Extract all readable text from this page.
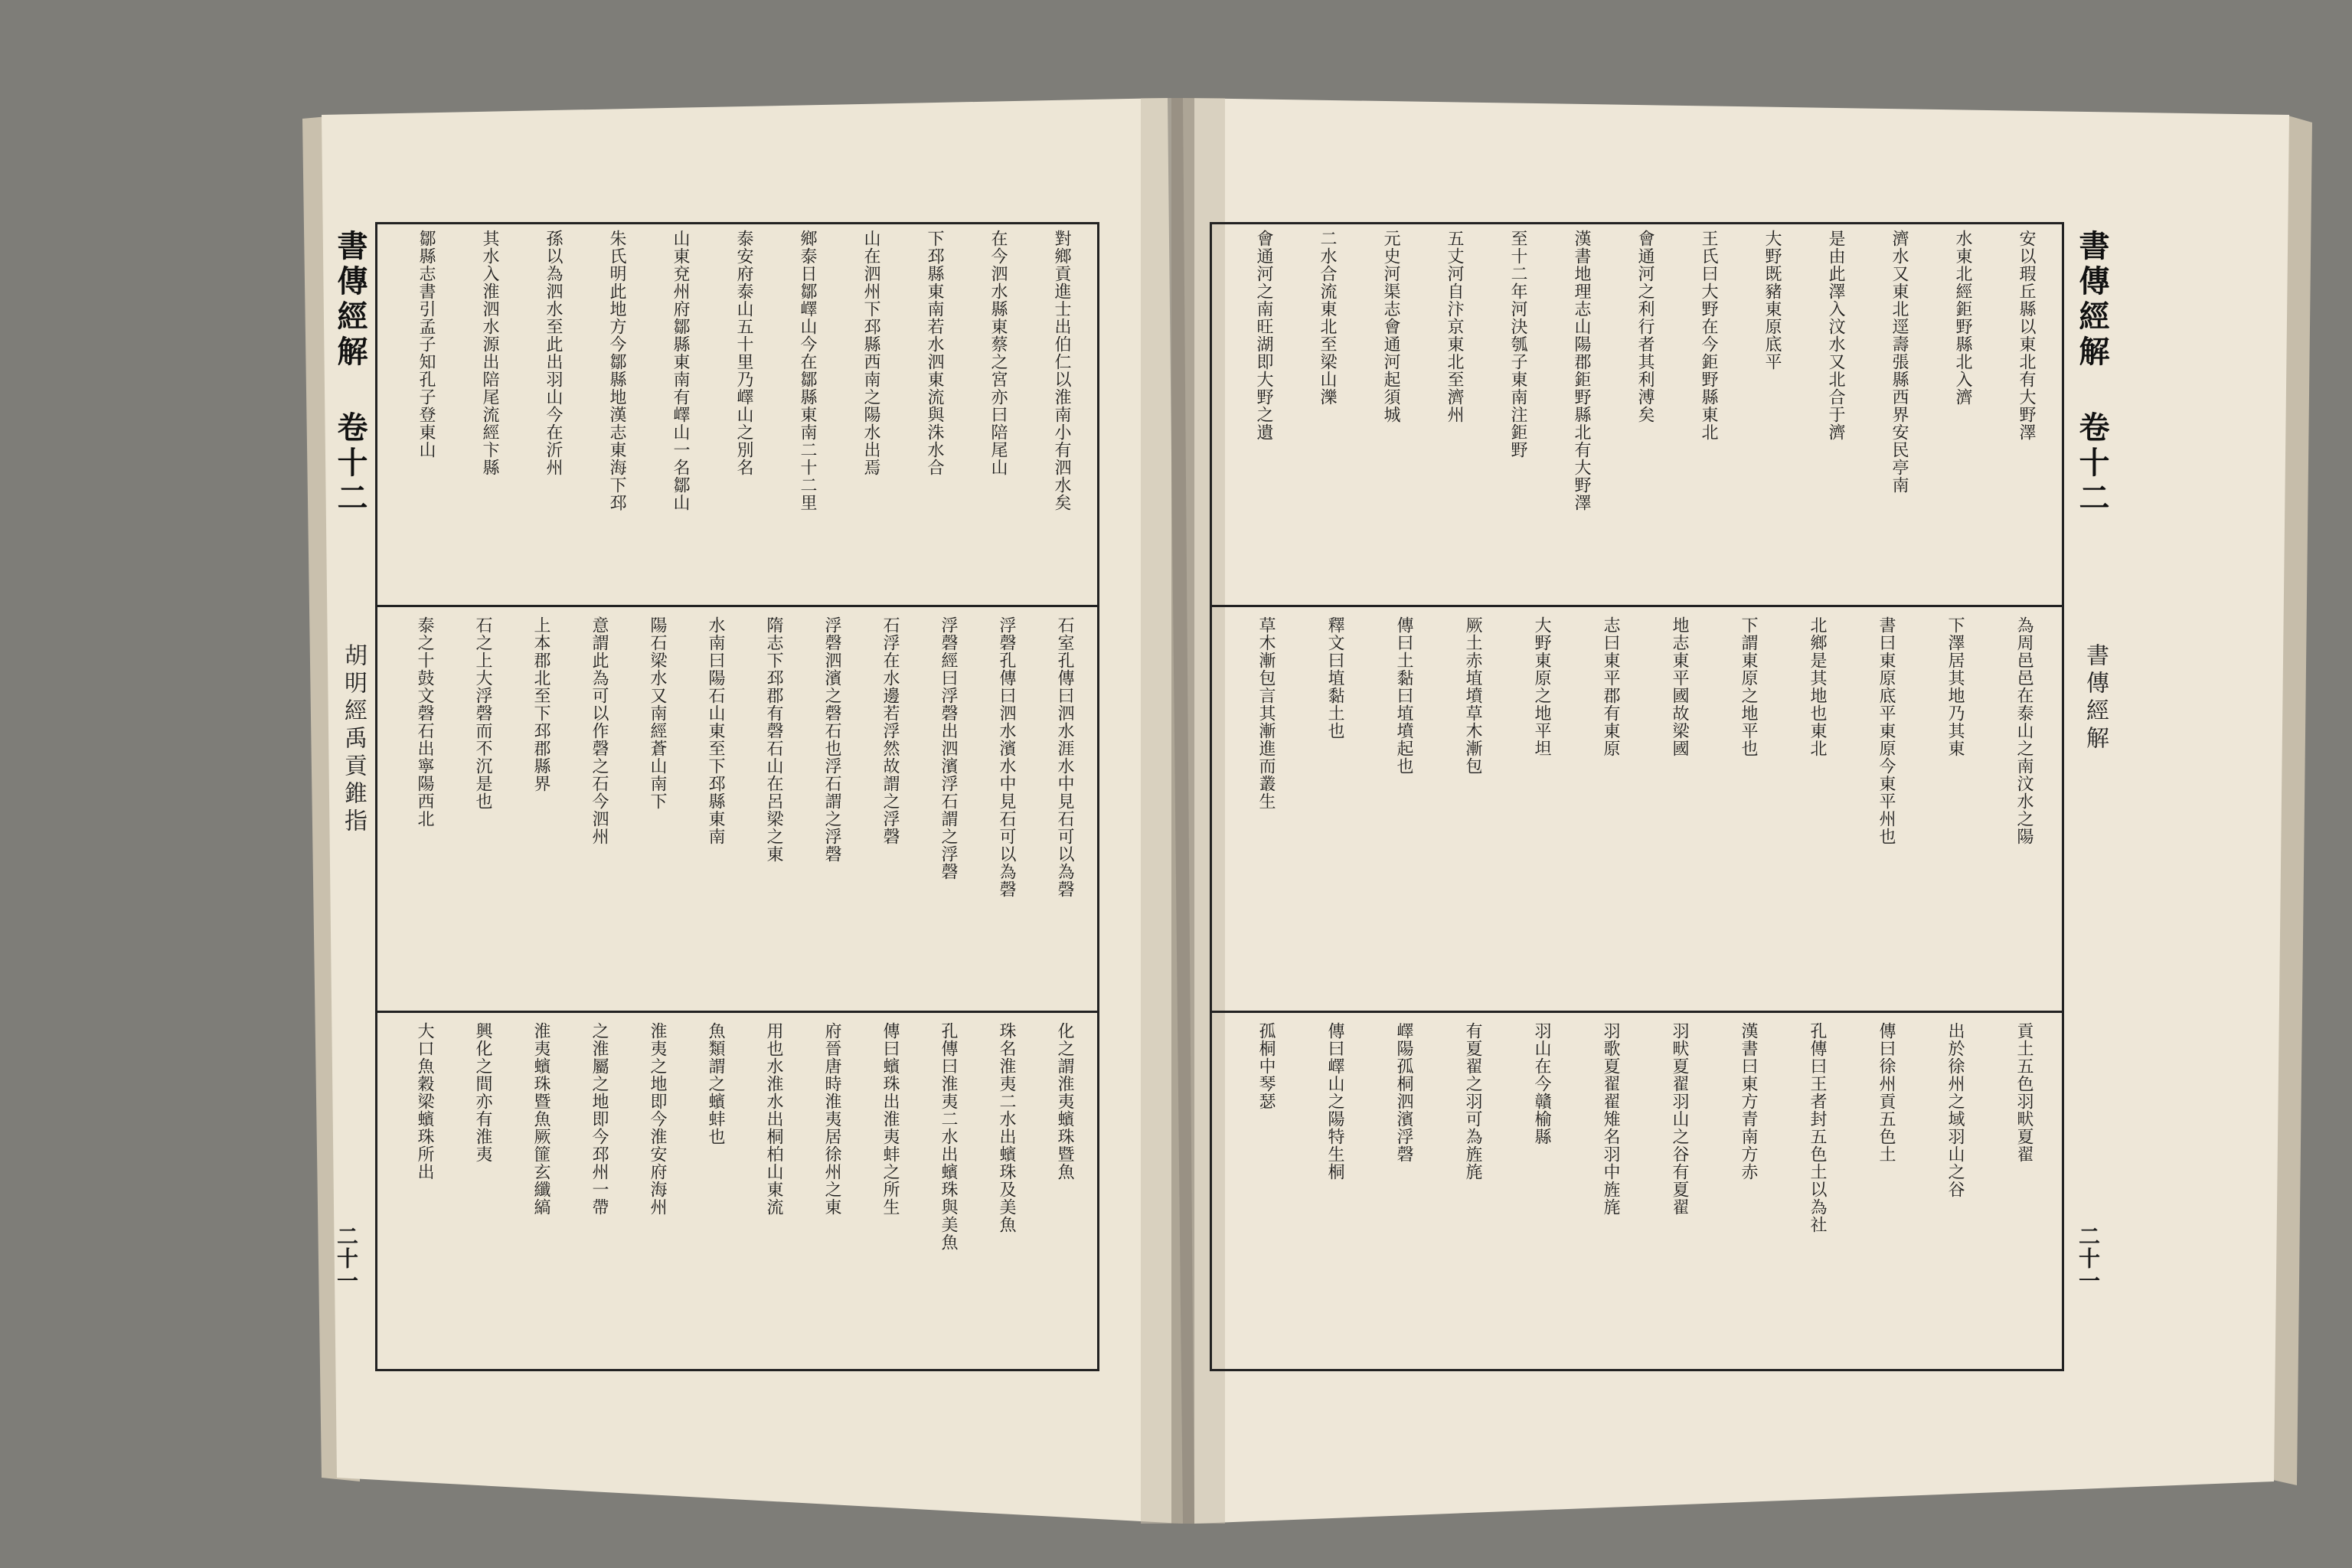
書傳經解 卷十二
胡明經禹貢錐指
二十一
對鄉貢進士出伯仁以淮南小有泗水矣
在今泗水縣東蔡之宮亦曰陪尾山
下邳縣東南若水泗東流與洙水合
山在泗州下邳縣西南之陽水出焉
鄉泰日鄒嶧山今在鄒縣東南二十二里
泰安府泰山五十里乃嶧山之別名
山東兗州府鄒縣東南有嶧山一名鄒山
朱氏明此地方今鄒縣地漢志東海下邳
孫以為泗水至此出羽山今在沂州
其水入淮泗水源出陪尾流經卞縣
鄒縣志書引孟子知孔子登東山
石室孔傳曰泗水涯水中見石可以為磬
浮磬孔傳曰泗水濱水中見石可以為磬
浮磬經曰浮磬出泗濱浮石謂之浮磬
石浮在水邊若浮然故謂之浮磬
浮磬泗濱之磬石也浮石謂之浮磬
隋志下邳郡有磬石山在呂梁之東
水南曰陽石山東至下邳縣東南
陽石梁水又南經蒼山南下
意謂此為可以作磬之石今泗州
上本郡北至下邳郡縣界
石之上大浮磬而不沉是也
泰之十鼓文磬石出寧陽西北
化之謂淮夷蠙珠暨魚
珠名淮夷二水出蠙珠及美魚
孔傳曰淮夷二水出蠙珠與美魚
傳曰蠙珠出淮夷蚌之所生
府晉唐時淮夷居徐州之東
用也水淮水出桐柏山東流
魚類謂之蠙蚌也
淮夷之地即今淮安府海州
之淮屬之地即今邳州一帶
淮夷蠙珠暨魚厥篚玄纖縞
興化之間亦有淮夷
大口魚穀梁蠙珠所出
書傳經解 卷十二
書傳經解
二十一
安以瑕丘縣以東北有大野澤
水東北經鉅野縣北入濟
濟水又東北逕壽張縣西界安民亭南
是由此澤入汶水又北合于濟
大野既豬東原底平
王氏曰大野在今鉅野縣東北
會通河之利行者其利溥矣
漢書地理志山陽郡鉅野縣北有大野澤
至十二年河決瓠子東南注鉅野
五丈河自汴京東北至濟州
元史河渠志會通河起須城
二水合流東北至梁山濼
會通河之南旺湖即大野之遺
為周邑邑在泰山之南汶水之陽
下澤居其地乃其東
書曰東原底平東原今東平州也
北鄉是其地也東北
下謂東原之地平也
地志東平國故梁國
志曰東平郡有東原
大野東原之地平坦
厥土赤埴墳草木漸包
傳曰土黏曰埴墳起也
釋文曰埴黏土也
草木漸包言其漸進而叢生
貢土五色羽畎夏翟
出於徐州之域羽山之谷
傳曰徐州貢五色土
孔傳曰王者封五色土以為社
漢書曰東方青南方赤
羽畎夏翟羽山之谷有夏翟
羽歌夏翟翟雉名羽中旌旄
羽山在今贛榆縣
有夏翟之羽可為旌旄
嶧陽孤桐泗濱浮磬
傳曰嶧山之陽特生桐
孤桐中琴瑟
